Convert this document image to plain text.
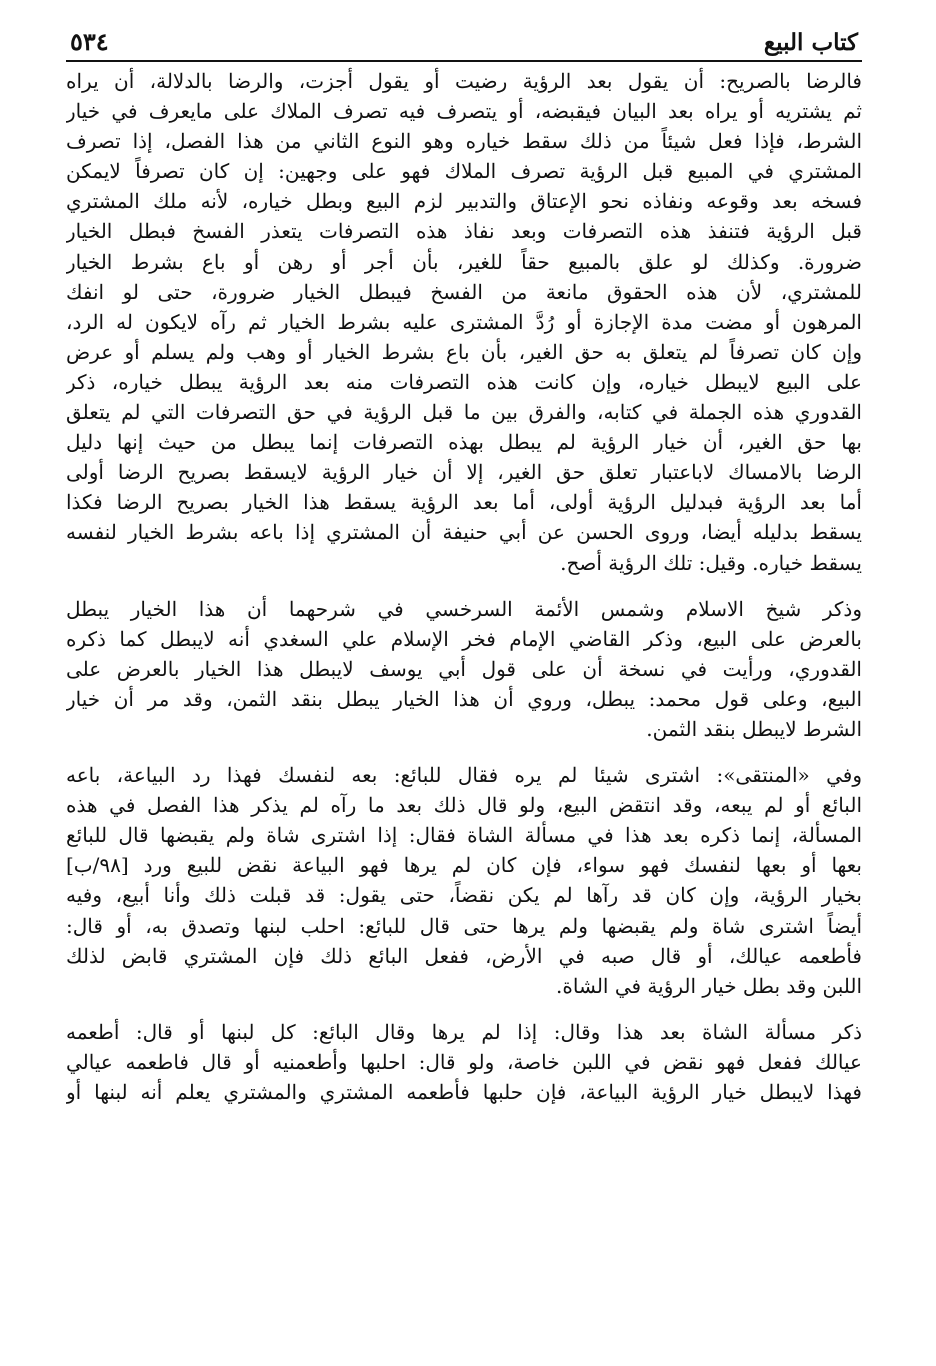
كتاب البيع
٥٣٤

فالرضا بالصريح: أن يقول بعد الرؤية رضيت أو يقول أجزت، والرضا بالدلالة، أن يراه
ثم يشتريه أو يراه بعد البيان فيقبضه، أو يتصرف فيه تصرف الملاك على مايعرف في خيار
الشرط، فإذا فعل شيئاً من ذلك سقط خياره وهو النوع الثاني من هذا الفصل، إذا تصرف
المشتري في المبيع قبل الرؤية تصرف الملاك فهو على وجهين: إن كان تصرفاً لايمكن
فسخه بعد وقوعه ونفاذه نحو الإعتاق والتدبير لزم البيع وبطل خياره، لأنه ملك المشتري
قبل الرؤية فتنفذ هذه التصرفات وبعد نفاذ هذه التصرفات يتعذر الفسخ فبطل الخيار
ضرورة. وكذلك لو علق بالمبيع حقاً للغير، بأن أجر أو رهن أو باع بشرط الخيار
للمشتري، لأن هذه الحقوق مانعة من الفسخ فيبطل الخيار ضرورة، حتى لو انفك
المرهون أو مضت مدة الإجازة أو رُدَّ المشترى عليه بشرط الخيار ثم رآه لايكون له الرد،
وإن كان تصرفاً لم يتعلق به حق الغير، بأن باع بشرط الخيار أو وهب ولم يسلم أو عرض
على البيع لايبطل خياره، وإن كانت هذه التصرفات منه بعد الرؤية يبطل خياره، ذكر
القدوري هذه الجملة في كتابه، والفرق بين ما قبل الرؤية في حق التصرفات التي لم يتعلق
بها حق الغير، أن خيار الرؤية لم يبطل بهذه التصرفات إنما يبطل من حيث إنها دليل
الرضا بالامساك لاباعتبار تعلق حق الغير، إلا أن خيار الرؤية لايسقط بصريح الرضا أولى
أما بعد الرؤية فبدليل الرؤية أولى، أما بعد الرؤية يسقط هذا الخيار بصريح الرضا فكذا
يسقط بدليله أيضا، وروى الحسن عن أبي حنيفة أن المشتري إذا باعه بشرط الخيار لنفسه
يسقط خياره. وقيل: تلك الرؤية أصح.

وذكر شيخ الاسلام وشمس الأئمة السرخسي في شرحهما أن هذا الخيار يبطل
بالعرض على البيع، وذكر القاضي الإمام فخر الإسلام علي السغدي أنه لايبطل كما ذكره
القدوري، ورأيت في نسخة أن على قول أبي يوسف لايبطل هذا الخيار بالعرض على
البيع، وعلى قول محمد: يبطل، وروي أن هذا الخيار يبطل بنقد الثمن، وقد مر أن خيار
الشرط لايبطل بنقد الثمن.

وفي «المنتقى»: اشترى شيئا لم يره فقال للبائع: بعه لنفسك فهذا رد البياعة، باعه
البائع أو لم يبعه، وقد انتقض البيع، ولو قال ذلك بعد ما رآه لم يذكر هذا الفصل في هذه
المسألة، إنما ذكره بعد هذا في مسألة الشاة فقال: إذا اشترى شاة ولم يقبضها قال للبائع
بعها أو بعها لنفسك فهو سواء، فإن كان لم يرها فهو البياعة نقض للبيع ورد [٩٨/ب]
بخيار الرؤية، وإن كان قد رآها لم يكن نقضاً، حتى يقول: قد قبلت ذلك وأنا أبيع، وفيه
أيضاً اشترى شاة ولم يقبضها ولم يرها حتى قال للبائع: احلب لبنها وتصدق به، أو قال:
فأطعمه عيالك، أو قال صبه في الأرض، ففعل البائع ذلك فإن المشتري قابض لذلك
اللبن وقد بطل خيار الرؤية في الشاة.

ذكر مسألة الشاة بعد هذا وقال: إذا لم يرها وقال البائع: كل لبنها أو قال: أطعمه
عيالك ففعل فهو نقض في اللبن خاصة، ولو قال: احلبها وأطعمنيه أو قال فاطعمه عيالي
فهذا لايبطل خيار الرؤية البياعة، فإن حلبها فأطعمه المشتري والمشتري يعلم أنه لبنها أو
